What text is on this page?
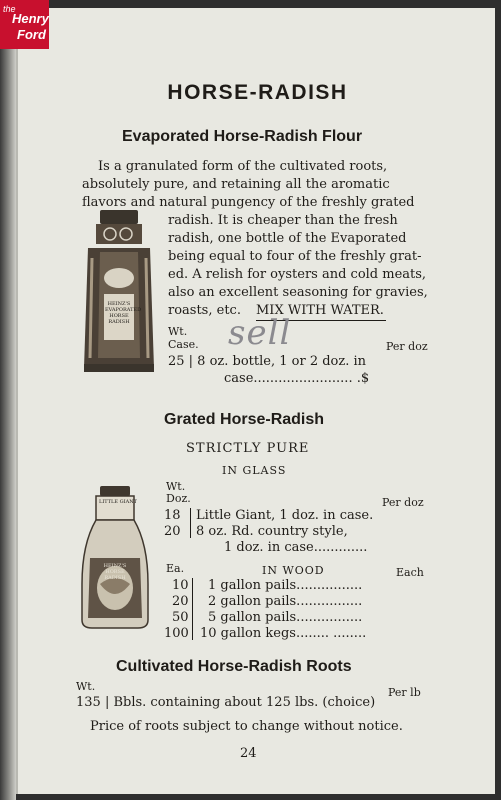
the
Henry
Ford
HORSE-RADISH
Evaporated Horse-Radish Flour
Is a granulated form of the cultivated roots,
absolutely pure, and retaining all the aromatic
flavors and natural pungency of the freshly grated
radish. It is cheaper than the fresh
radish, one bottle of the Evaporated
being equal to four of the freshly grat-
ed. A relish for oysters and cold meats,
also an excellent seasoning for gravies,
roasts, etc. MIX WITH WATER.
HEINZ'S EVAPORATED HORSE RADISH
Wt.
Case.	Per doz
sell
25 | 8 oz. bottle, 1 or 2 doz. in
case........................ .$
Grated Horse-Radish
STRICTLY PURE
IN GLASS
Wt.
Doz.	Per doz
18 Little Giant, 1 doz. in case.
20 8 oz. Rd. country style,
1 doz. in case.............
LITTLE GIANT
HEINZ'S HORSE RADISH
Ea.	IN WOOD	Each
10 1 gallon pails................
20 2 gallon pails................
50 5 gallon pails................
100 10 gallon kegs........ ........
Cultivated Horse-Radish Roots
Wt.	Per lb
135 | Bbls. containing about 125 lbs. (choice)
Price of roots subject to change without notice.
24
